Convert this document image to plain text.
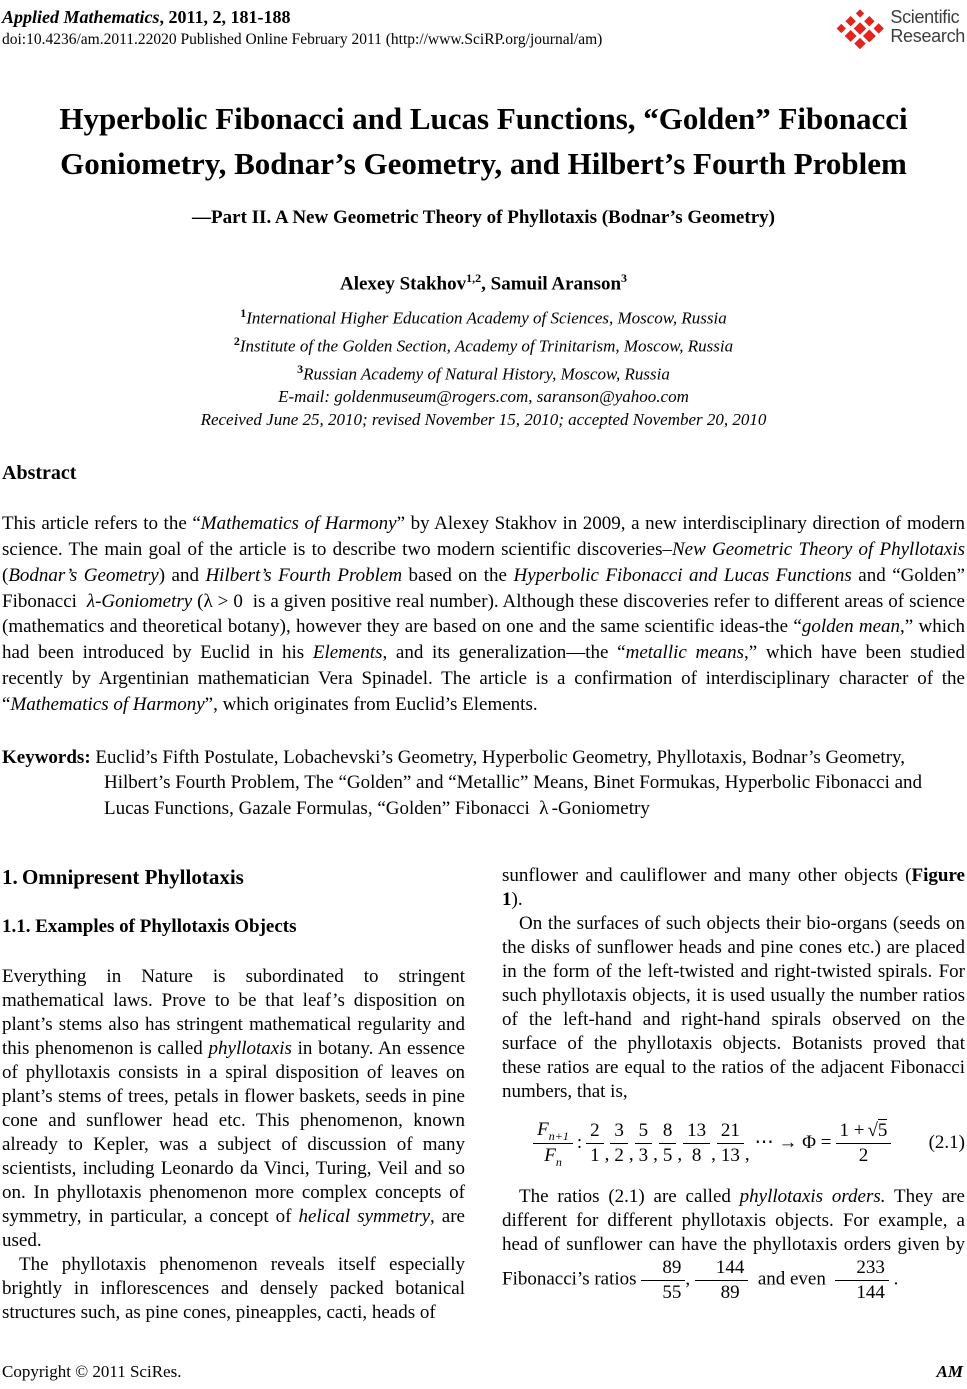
Applied Mathematics, 2011, 2, 181-188
doi:10.4236/am.2011.22020 Published Online February 2011 (http://www.SciRP.org/journal/am)
Scientific
Research
Hyperbolic Fibonacci and Lucas Functions, “Golden” Fibonacci Goniometry, Bodnar’s Geometry, and Hilbert’s Fourth Problem
—Part II. A New Geometric Theory of Phyllotaxis (Bodnar’s Geometry)
Alexey Stakhov$^{1,2}$, Samuil Aranson$^3$
$^1$International Higher Education Academy of Sciences, Moscow, Russia
$^2$Institute of the Golden Section, Academy of Trinitarism, Moscow, Russia
$^3$Russian Academy of Natural History, Moscow, Russia
E-mail: goldenmuseum@rogers.com, saranson@yahoo.com
Received June 25, 2010; revised November 15, 2010; accepted November 20, 2010
Abstract
This article refers to the “Mathematics of Harmony” by Alexey Stakhov in 2009, a new interdisciplinary direction of modern science. The main goal of the article is to describe two modern scientific discoveries–New Geometric Theory of Phyllotaxis (Bodnar’s Geometry) and Hilbert’s Fourth Problem based on the Hyperbolic Fibonacci and Lucas Functions and “Golden” Fibonacci  λ-Goniometry (λ > 0  is a given positive real number). Although these discoveries refer to different areas of science (mathematics and theoretical botany), however they are based on one and the same scientific ideas-the “golden mean,” which had been introduced by Euclid in his Elements, and its generalization—the “metallic means,” which have been studied recently by Argentinian mathematician Vera Spinadel. The article is a confirmation of interdisciplinary character of the “Mathematics of Harmony”, which originates from Euclid’s Elements.
Keywords: Euclid’s Fifth Postulate, Lobachevski’s Geometry, Hyperbolic Geometry, Phyllotaxis, Bodnar’s Geometry, Hilbert’s Fourth Problem, The “Golden” and “Metallic” Means, Binet Formukas, Hyperbolic Fibonacci and Lucas Functions, Gazale Formulas, “Golden” Fibonacci  λ -Goniometry
1. Omnipresent Phyllotaxis
1.1. Examples of Phyllotaxis Objects

Everything in Nature is subordinated to stringent mathematical laws. Prove to be that leaf’s disposition on plant’s stems also has stringent mathematical regularity and this phenomenon is called phyllotaxis in botany. An essence of phyllotaxis consists in a spiral disposition of leaves on plant’s stems of trees, petals in flower baskets, seeds in pine cone and sunflower head etc. This phenomenon, known already to Kepler, was a subject of discussion of many scientists, including Leonardo da Vinci, Turing, Veil and so on. In phyllotaxis phenomenon more complex concepts of symmetry, in particular, a concept of helical symmetry, are used.

The phyllotaxis phenomenon reveals itself especially brightly in inflorescences and densely packed botanical structures such, as pine cones, pineapples, cacti, heads of

sunflower and cauliflower and many other objects (Figure 1).

On the surfaces of such objects their bio-organs (seeds on the disks of sunflower heads and pine cones etc.) are placed in the form of the left-twisted and right-twisted spirals. For such phyllotaxis objects, it is used usually the number ratios of the left-hand and right-hand spirals observed on the surface of the phyllotaxis objects. Botanists proved that these ratios are equal to the ratios of the adjacent Fibonacci numbers, that is,

$\frac{F_{n+1}}{F_n}$ : $\frac{2}{1}$ , $\frac{3}{2}$ , $\frac{5}{3}$ , $\frac{8}{5}$ , $\frac{13}{8}$ , $\frac{21}{13}$ ,
⋯ → $\Phi = \frac{1 + √5}{2} (2.1)$

The ratios (2.1) are called phyllotaxis orders. They are different for different phyllotaxis objects. For example, a head of sunflower can have the phyllotaxis orders given by Fibonacci’s ratios $\frac{89}{55}$ , $\frac{144}{89}$ and even $\frac{233}{144}$ .

Copyright © 2011 SciRes.	AM
